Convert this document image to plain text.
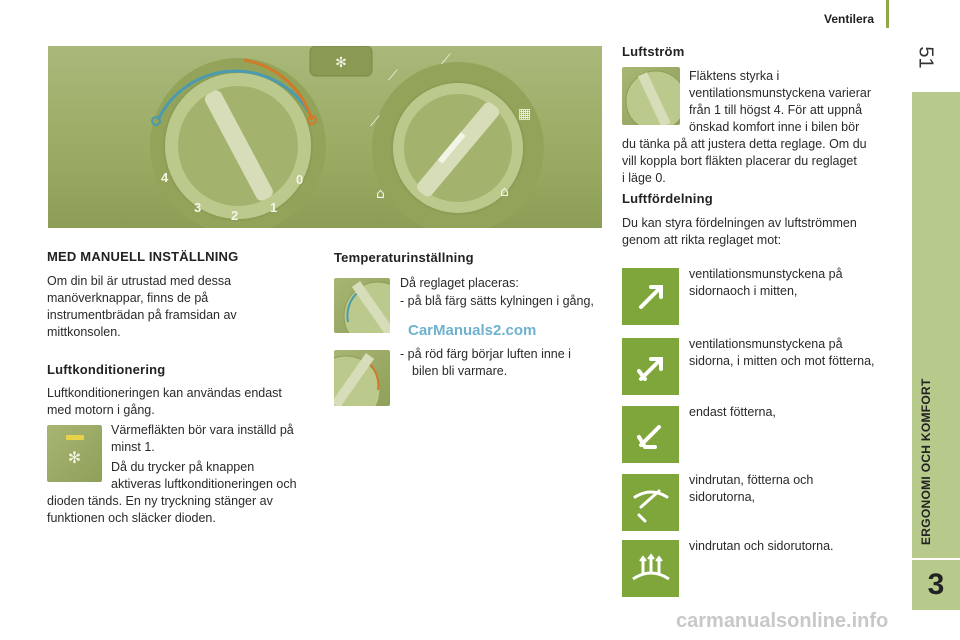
Ventilera
51
ERGONOMI OCH KOMFORT
3
✻
⟋
⟋
⟋
▦
⌂	⌂
4
3
2
1
0
MED MANUELL INSTÄLLNING

Om din bil är utrustad med dessa

manöverknappar, finns de på

instrumentbrädan på framsidan av

mittkonsolen.

Luftkonditionering

Luftkonditioneringen kan användas endast

med motorn i gång.

✻

Värmefläkten bör vara inställd på

minst 1.

Då du trycker på knappen

aktiveras luftkonditioneringen och

dioden tänds. En ny tryckning stänger av

funktionen och släcker dioden.

Temperaturinställning
Då reglaget placeras:
- på blå färg sätts kylningen i gång,
CarManuals2.com

- på röd färg börjar luften inne i

bilen bli varmare.

Luftström

Fläktens styrka i

ventilationsmunstyckena varierar

från 1 till högst 4. För att uppnå

önskad komfort inne i bilen bör

du tänka på att justera detta reglage. Om du

vill koppla bort fläkten placerar du reglaget

i läge 0.

Luftfördelning

Du kan styra fördelningen av luftströmmen

genom att rikta reglaget mot:

ventilationsmunstyckena på

sidornaoch i mitten,

ventilationsmunstyckena på

sidorna, i mitten och mot fötterna,

endast fötterna,

vindrutan, fötterna och

sidorutorna,

vindrutan och sidorutorna.

carmanualsonline.info
